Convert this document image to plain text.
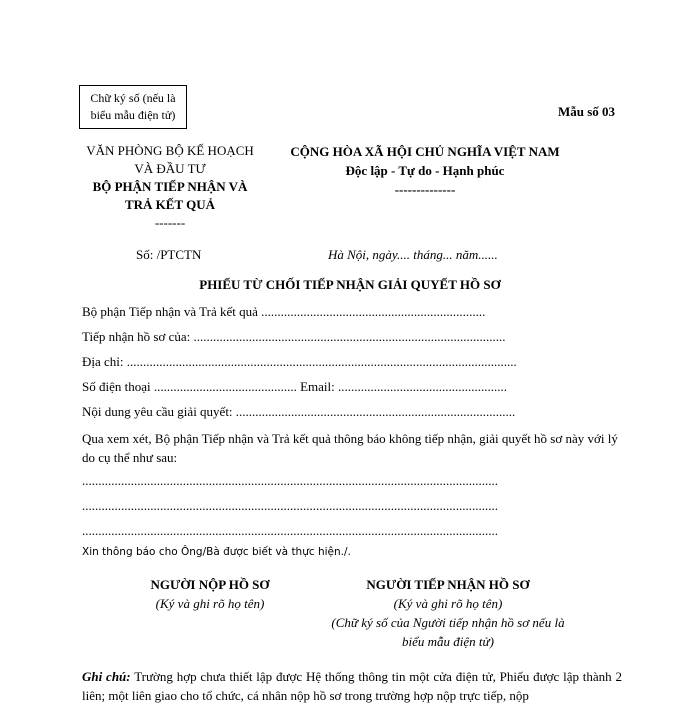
Chữ ký số (nếu là
biểu mẫu điện tử)	Mẫu số 03
VĂN PHÒNG BỘ KẾ HOẠCH
VÀ ĐẦU TƯ
BỘ PHẬN TIẾP NHẬN VÀ
TRẢ KẾT QUẢ
-------
CỘNG HÒA XÃ HỘI CHỦ NGHĨA VIỆT NAM
Độc lập - Tự do - Hạnh phúc
--------------
Số: /PTCTN	Hà Nội, ngày.... tháng... năm......
PHIẾU TỪ CHỐI TIẾP NHẬN GIẢI QUYẾT HỒ SƠ
Bộ phận Tiếp nhận và Trả kết quả .....................................................................
Tiếp nhận hồ sơ của: ................................................................................................
Địa chỉ: ........................................................................................................................
Số điện thoại ............................................ Email: ....................................................
Nội dung yêu cầu giải quyết: ......................................................................................
Qua xem xét, Bộ phận Tiếp nhận và Trả kết quả thông báo không tiếp nhận, giải quyết hồ sơ này với lý do cụ thể như sau:
................................................................................................................................
................................................................................................................................
................................................................................................................................
Xin thông báo cho Ông/Bà được biết và thực hiện./.
NGƯỜI NỘP HỒ SƠ
(Ký và ghi rõ họ tên)
NGƯỜI TIẾP NHẬN HỒ SƠ
(Ký và ghi rõ họ tên)
(Chữ ký số của Người tiếp nhận hồ sơ nếu là
biểu mẫu điện tử)
Ghi chú: Trường hợp chưa thiết lập được Hệ thống thông tin một cửa điện tử, Phiếu được lập thành 2 liên; một liên giao cho tổ chức, cá nhân nộp hồ sơ trong trường hợp nộp trực tiếp, nộp
